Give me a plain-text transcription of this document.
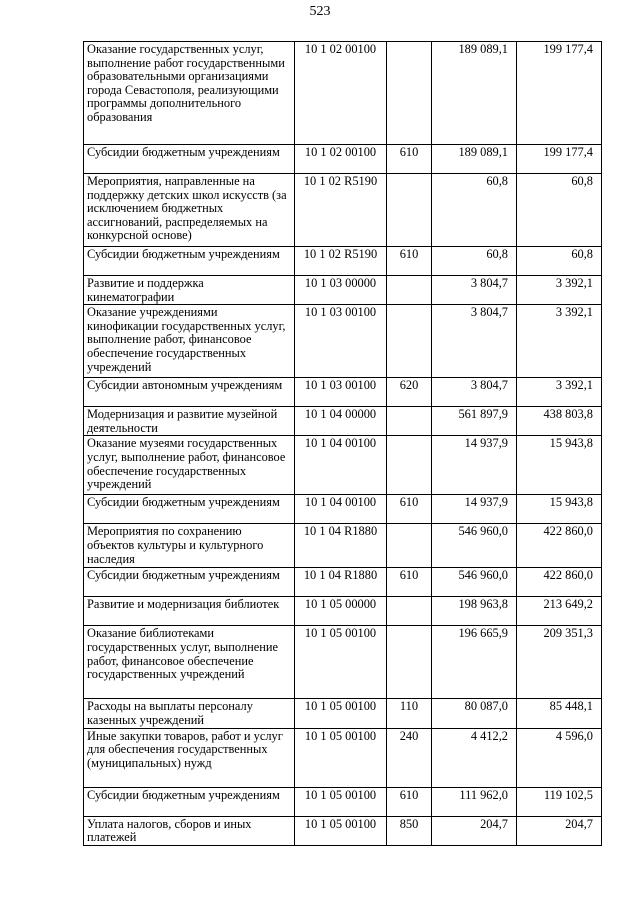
523
Оказание государственных услуг, выполнение работ государственными образовательными организациями города Севастополя, реализующими программы дополнительного образования	10 1 02 00100		189 089,1	199 177,4
Субсидии бюджетным учреждениям	10 1 02 00100	610	189 089,1	199 177,4
Мероприятия, направленные на поддержку детских школ искусств (за исключением бюджетных ассигнований, распределяемых на конкурсной основе)	10 1 02 R5190		60,8	60,8
Субсидии бюджетным учреждениям	10 1 02 R5190	610	60,8	60,8
Развитие и поддержка кинематографии	10 1 03 00000		3 804,7	3 392,1
Оказание учреждениями кинофикации государственных услуг, выполнение работ, финансовое обеспечение государственных учреждений	10 1 03 00100		3 804,7	3 392,1
Субсидии автономным учреждениям	10 1 03 00100	620	3 804,7	3 392,1
Модернизация и развитие музейной деятельности	10 1 04 00000		561 897,9	438 803,8
Оказание музеями государственных услуг, выполнение работ, финансовое обеспечение государственных учреждений	10 1 04 00100		14 937,9	15 943,8
Субсидии бюджетным учреждениям	10 1 04 00100	610	14 937,9	15 943,8
Мероприятия по сохранению объектов культуры и культурного наследия	10 1 04 R1880		546 960,0	422 860,0
Субсидии бюджетным учреждениям	10 1 04 R1880	610	546 960,0	422 860,0
Развитие и модернизация библиотек	10 1 05 00000		198 963,8	213 649,2
Оказание библиотеками государственных услуг, выполнение работ, финансовое обеспечение государственных учреждений	10 1 05 00100		196 665,9	209 351,3
Расходы на выплаты персоналу казенных учреждений	10 1 05 00100	110	80 087,0	85 448,1
Иные закупки товаров, работ и услуг для обеспечения государственных (муниципальных) нужд	10 1 05 00100	240	4 412,2	4 596,0
Субсидии бюджетным учреждениям	10 1 05 00100	610	111 962,0	119 102,5
Уплата налогов, сборов и иных платежей	10 1 05 00100	850	204,7	204,7
